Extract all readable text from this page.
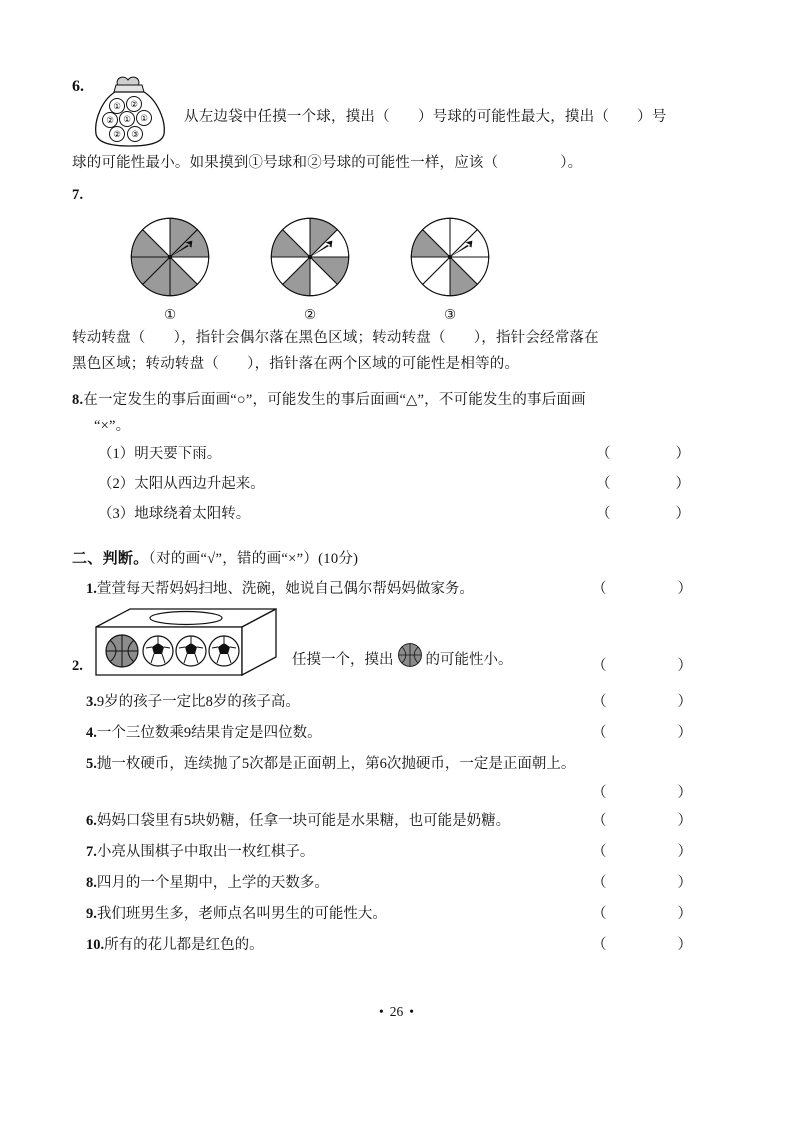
6.
① ②
② ① ①
② ③
从左边袋中任摸一个球，摸出（ ）号球的可能性最大，摸出（ ）号
球的可能性最小。如果摸到①号球和②号球的可能性一样，应该（	）。
7.
①	②	③
转动转盘（ ），指针会偶尔落在黑色区域；转动转盘（ ），指针会经常落在
黑色区域；转动转盘（ ），指针落在两个区域的可能性是相等的。
8.在一定发生的事后面画“○”，可能发生的事后面画“△”，不可能发生的事后面画
“×”。
（1）明天要下雨。	（　　）
（2）太阳从西边升起来。	（　　）
（3）地球绕着太阳转。	（　　）
二、判断。（对的画“√”，错的画“×”）(10分)
1.萱萱每天帮妈妈扫地、洗碗，她说自己偶尔帮妈妈做家务。	（　　）
2.	任摸一个，摸出 的可能性小。	（　　）
3.9岁的孩子一定比8岁的孩子高。	（　　）
4.一个三位数乘9结果肯定是四位数。	（　　）
5.抛一枚硬币，连续抛了5次都是正面朝上，第6次抛硬币，一定是正面朝上。
（　　）
6.妈妈口袋里有5块奶糖，任拿一块可能是水果糖，也可能是奶糖。	（　　）
7.小亮从围棋子中取出一枚红棋子。	（　　）
8.四月的一个星期中，上学的天数多。	（　　）
9.我们班男生多，老师点名叫男生的可能性大。	（　　）
10.所有的花儿都是红色的。	（　　）
• 26 •
